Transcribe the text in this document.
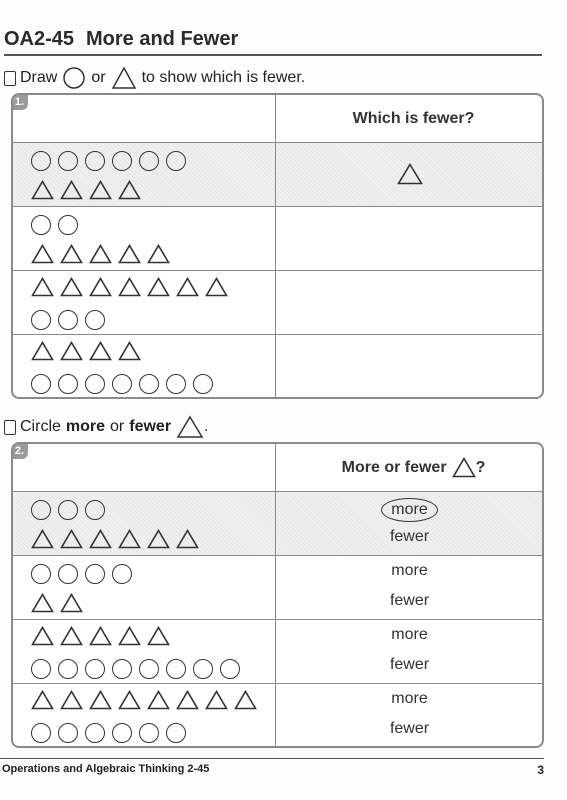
OA2-45 More and Fewer
Draw or to show which is fewer.
1.
Which is fewer?
Circle more or fewer .
2.
More or fewer ?
more
fewer
more
fewer
more
fewer
more
fewer
Operations and Algebraic Thinking 2-45	3
